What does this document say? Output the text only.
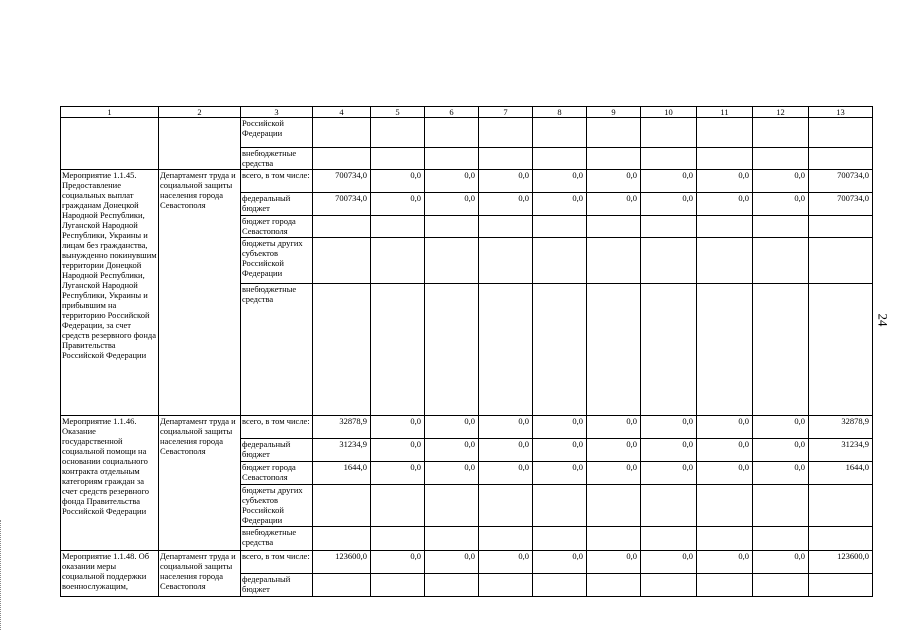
24
1	2	3	4	5	6	7	8	9	10	11	12	13
		Российской Федерации										
		внебюджетные средства										
Мероприятие 1.1.45. Предоставление социальных выплат гражданам Донецкой Народной Республики, Луганской Народной Республики, Украины и лицам без гражданства, вынужденно покинувшим территории Донецкой Народной Республики, Луганской Народной Республики, Украины и прибывшим на территорию Российской Федерации, за счет средств резервного фонда Правительства Российской Федерации	Департамент труда и социальной защиты населения города Севастополя	всего, в том числе:	700734,0	0,0	0,0	0,0	0,0	0,0	0,0	0,0	0,0	700734,0
		федеральный бюджет	700734,0	0,0	0,0	0,0	0,0	0,0	0,0	0,0	0,0	700734,0
		бюджет города Севастополя										
		бюджеты других субъектов Российской Федерации										
		внебюджетные средства										
Мероприятие 1.1.46. Оказание государственной социальной помощи на основании социального контракта отдельным категориям граждан за счет средств резервного фонда Правительства Российской Федерации	Департамент труда и социальной защиты населения города Севастополя	всего, в том числе:	32878,9	0,0	0,0	0,0	0,0	0,0	0,0	0,0	0,0	32878,9
		федеральный бюджет	31234,9	0,0	0,0	0,0	0,0	0,0	0,0	0,0	0,0	31234,9
		бюджет города Севастополя	1644,0	0,0	0,0	0,0	0,0	0,0	0,0	0,0	0,0	1644,0
		бюджеты других субъектов Российской Федерации										
		внебюджетные средства										
Мероприятие 1.1.48. Об оказании меры социальной поддержки военнослужащим,	Департамент труда и социальной защиты населения города Севастополя	всего, в том числе:	123600,0	0,0	0,0	0,0	0,0	0,0	0,0	0,0	0,0	123600,0
		федеральный бюджет										
